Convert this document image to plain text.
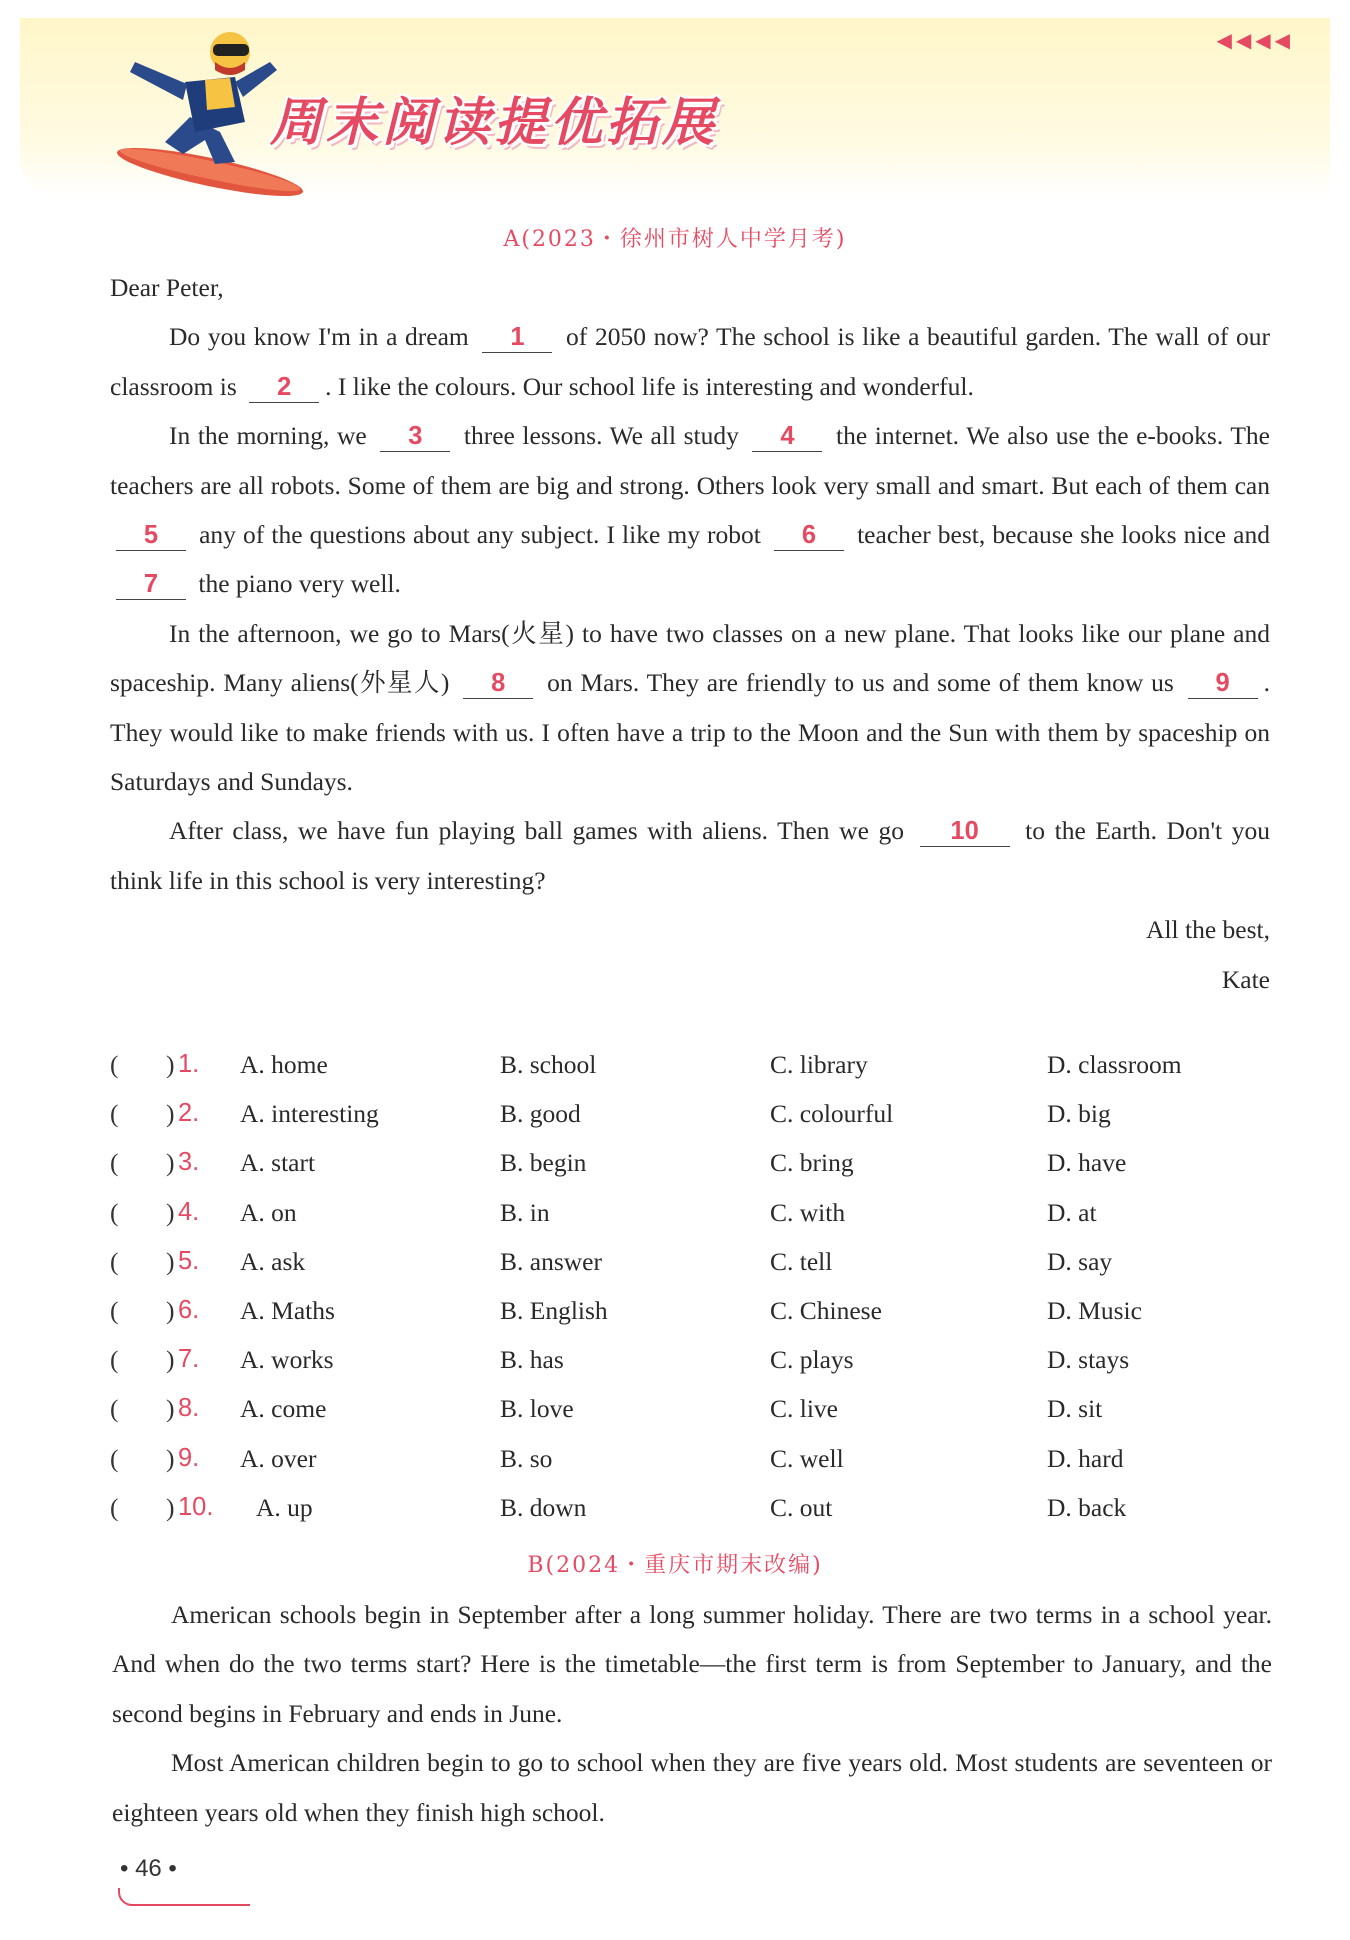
◀◀◀◀
周末阅读提优拓展
A(2023・徐州市树人中学月考)

Dear Peter,

Do you know I'm in a dream 1 of 2050 now? The school is like a beautiful garden. The wall of our classroom is 2 . I like the colours. Our school life is interesting and wonderful.

In the morning, we 3 three lessons. We all study 4 the internet. We also use the e-books. The teachers are all robots. Some of them are big and strong. Others look very small and smart. But each of them can 5 any of the questions about any subject. I like my robot 6 teacher best, because she looks nice and 7 the piano very well.

In the afternoon, we go to Mars(火星) to have two classes on a new plane. That looks like our plane and spaceship. Many aliens(外星人) 8 on Mars. They are friendly to us and some of them know us 9 . They would like to make friends with us. I often have a trip to the Moon and the Sun with them by spaceship on Saturdays and Sundays.

After class, we have fun playing ball games with aliens. Then we go 10 to the Earth. Don't you think life in this school is very interesting?

All the best,

Kate

( ) 1. A. home	B. school	C. library	D. classroom
( ) 2. A. interesting	B. good	C. colourful	D. big
( ) 3. A. start	B. begin	C. bring	D. have
( ) 4. A. on	B. in	C. with	D. at
( ) 5. A. ask	B. answer	C. tell	D. say
( ) 6. A. Maths	B. English	C. Chinese	D. Music
( ) 7. A. works	B. has	C. plays	D. stays
( ) 8. A. come	B. love	C. live	D. sit
( ) 9. A. over	B. so	C. well	D. hard
( ) 10. A. up	B. down	C. out	D. back
B(2024・重庆市期末改编)

American schools begin in September after a long summer holiday. There are two terms in a school year. And when do the two terms start? Here is the timetable—the first term is from September to January, and the second begins in February and ends in June.

Most American children begin to go to school when they are five years old. Most students are seventeen or eighteen years old when they finish high school.

• 46 •
